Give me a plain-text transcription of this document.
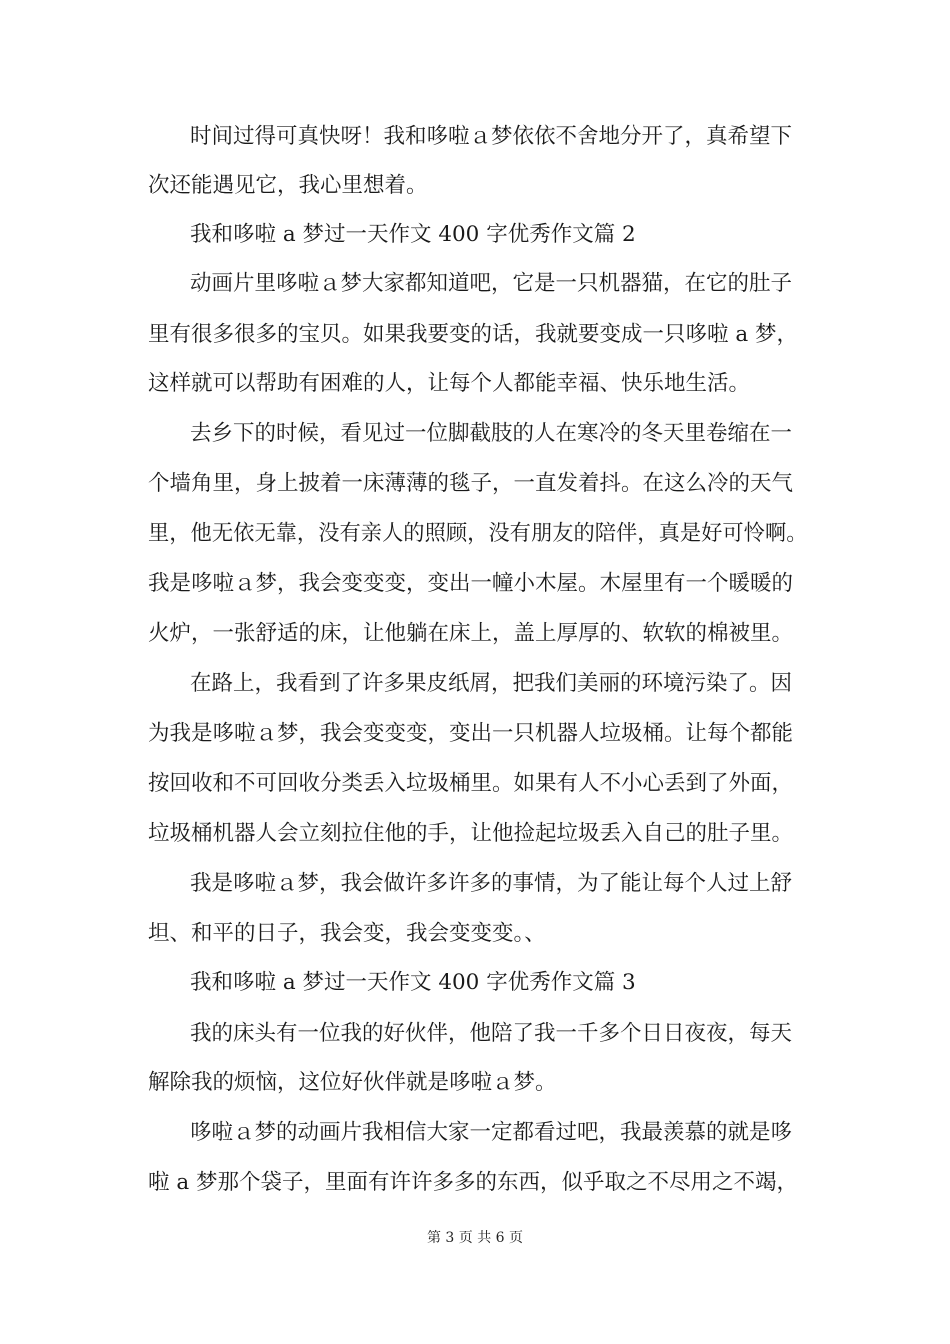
时间过得可真快呀！我和哆啦ａ梦依依不舍地分开了，真希望下
次还能遇见它，我心里想着。
我和哆啦 a 梦过一天作文 400 字优秀作文篇 2
动画片里哆啦ａ梦大家都知道吧，它是一只机器猫，在它的肚子
里有很多很多的宝贝。如果我要变的话，我就要变成一只哆啦 a 梦，
这样就可以帮助有困难的人，让每个人都能幸福、快乐地生活。
去乡下的时候，看见过一位脚截肢的人在寒冷的冬天里卷缩在一
个墙角里，身上披着一床薄薄的毯子，一直发着抖。在这么冷的天气
里，他无依无靠，没有亲人的照顾，没有朋友的陪伴，真是好可怜啊。
我是哆啦ａ梦，我会变变变，变出一幢小木屋。木屋里有一个暖暖的
火炉，一张舒适的床，让他躺在床上，盖上厚厚的、软软的棉被里。
在路上，我看到了许多果皮纸屑，把我们美丽的环境污染了。因
为我是哆啦ａ梦，我会变变变，变出一只机器人垃圾桶。让每个都能
按回收和不可回收分类丢入垃圾桶里。如果有人不小心丢到了外面，
垃圾桶机器人会立刻拉住他的手，让他捡起垃圾丢入自己的肚子里。
我是哆啦ａ梦，我会做许多许多的事情，为了能让每个人过上舒
坦、和平的日子，我会变，我会变变变。、
我和哆啦 a 梦过一天作文 400 字优秀作文篇 3
我的床头有一位我的好伙伴，他陪了我一千多个日日夜夜，每天
解除我的烦恼，这位好伙伴就是哆啦ａ梦。
哆啦ａ梦的动画片我相信大家一定都看过吧，我最羡慕的就是哆
啦 a 梦那个袋子，里面有许许多多的东西，似乎取之不尽用之不竭，
第 3 页 共 6 页
